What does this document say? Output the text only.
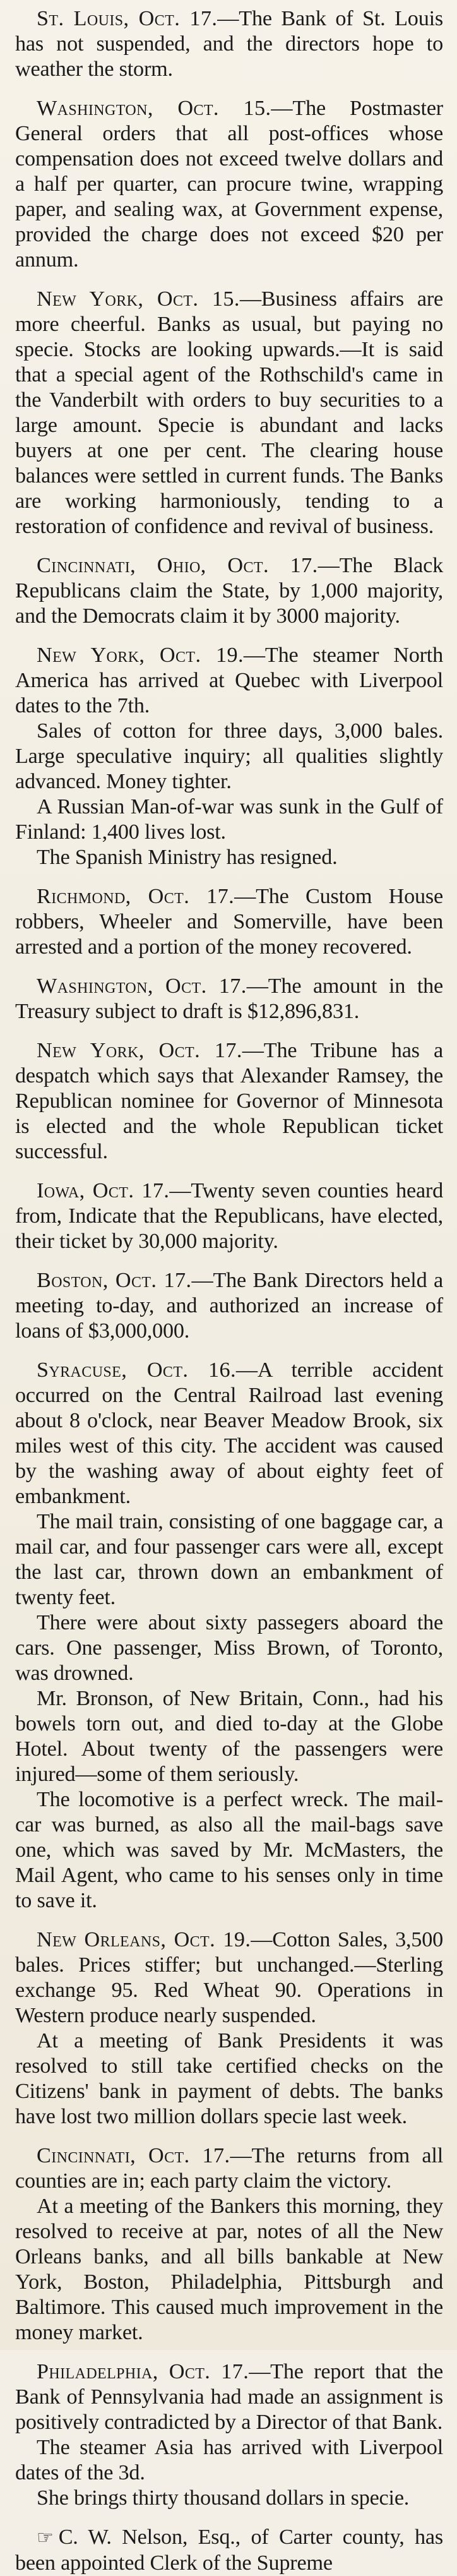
St. Louis, Oct. 17.—The Bank of St. Louis has not suspended, and the directors hope to weather the storm.

Washington, Oct. 15.—The Postmaster General orders that all post-offices whose compensation does not exceed twelve dollars and a half per quarter, can procure twine, wrapping paper, and sealing wax, at Government expense, provided the charge does not exceed $20 per annum.

New York, Oct. 15.—Business affairs are more cheerful. Banks as usual, but paying no specie. Stocks are looking upwards.—It is said that a special agent of the Rothschild's came in the Vanderbilt with orders to buy securities to a large amount. Specie is abundant and lacks buyers at one per cent. The clearing house balances were settled in current funds. The Banks are working harmoniously, tending to a restoration of confidence and revival of business.

Cincinnati, Ohio, Oct. 17.—The Black Republicans claim the State, by 1,000 majority, and the Democrats claim it by 3000 majority.

New York, Oct. 19.—The steamer North America has arrived at Quebec with Liverpool dates to the 7th.

Sales of cotton for three days, 3,000 bales. Large speculative inquiry; all qualities slightly advanced. Money tighter.

A Russian Man-of-war was sunk in the Gulf of Finland: 1,400 lives lost.

The Spanish Ministry has resigned.

Richmond, Oct. 17.—The Custom House robbers, Wheeler and Somerville, have been arrested and a portion of the money recovered.

Washington, Oct. 17.—The amount in the Treasury subject to draft is $12,896,831.

New York, Oct. 17.—The Tribune has a despatch which says that Alexander Ramsey, the Republican nominee for Governor of Minnesota is elected and the whole Republican ticket successful.

Iowa, Oct. 17.—Twenty seven counties heard from, Indicate that the Republicans, have elected, their ticket by 30,000 majority.

Boston, Oct. 17.—The Bank Directors held a meeting to-day, and authorized an increase of loans of $3,000,000.

Syracuse, Oct. 16.—A terrible accident occurred on the Central Railroad last evening about 8 o'clock, near Beaver Meadow Brook, six miles west of this city. The accident was caused by the washing away of about eighty feet of embankment.

The mail train, consisting of one baggage car, a mail car, and four passenger cars were all, except the last car, thrown down an embankment of twenty feet.

There were about sixty passegers aboard the cars. One passenger, Miss Brown, of Toronto, was drowned.

Mr. Bronson, of New Britain, Conn., had his bowels torn out, and died to-day at the Globe Hotel. About twenty of the passengers were injured—some of them seriously.

The locomotive is a perfect wreck. The mail-car was burned, as also all the mail-bags save one, which was saved by Mr. McMasters, the Mail Agent, who came to his senses only in time to save it.

New Orleans, Oct. 19.—Cotton Sales, 3,500 bales. Prices stiffer; but unchanged.—Sterling exchange 95. Red Wheat 90. Operations in Western produce nearly suspended.

At a meeting of Bank Presidents it was resolved to still take certified checks on the Citizens' bank in payment of debts. The banks have lost two million dollars specie last week.

Cincinnati, Oct. 17.—The returns from all counties are in; each party claim the victory.

At a meeting of the Bankers this morning, they resolved to receive at par, notes of all the New Orleans banks, and all bills bankable at New York, Boston, Philadelphia, Pittsburgh and Baltimore. This caused much improvement in the money market.

Philadelphia, Oct. 17.—The report that the Bank of Pennsylvania had made an assignment is positively contradicted by a Director of that Bank.

The steamer Asia has arrived with Liverpool dates of the 3d.

She brings thirty thousand dollars in specie.

☞ C. W. Nelson, Esq., of Carter county, has been appointed Clerk of the Supreme
